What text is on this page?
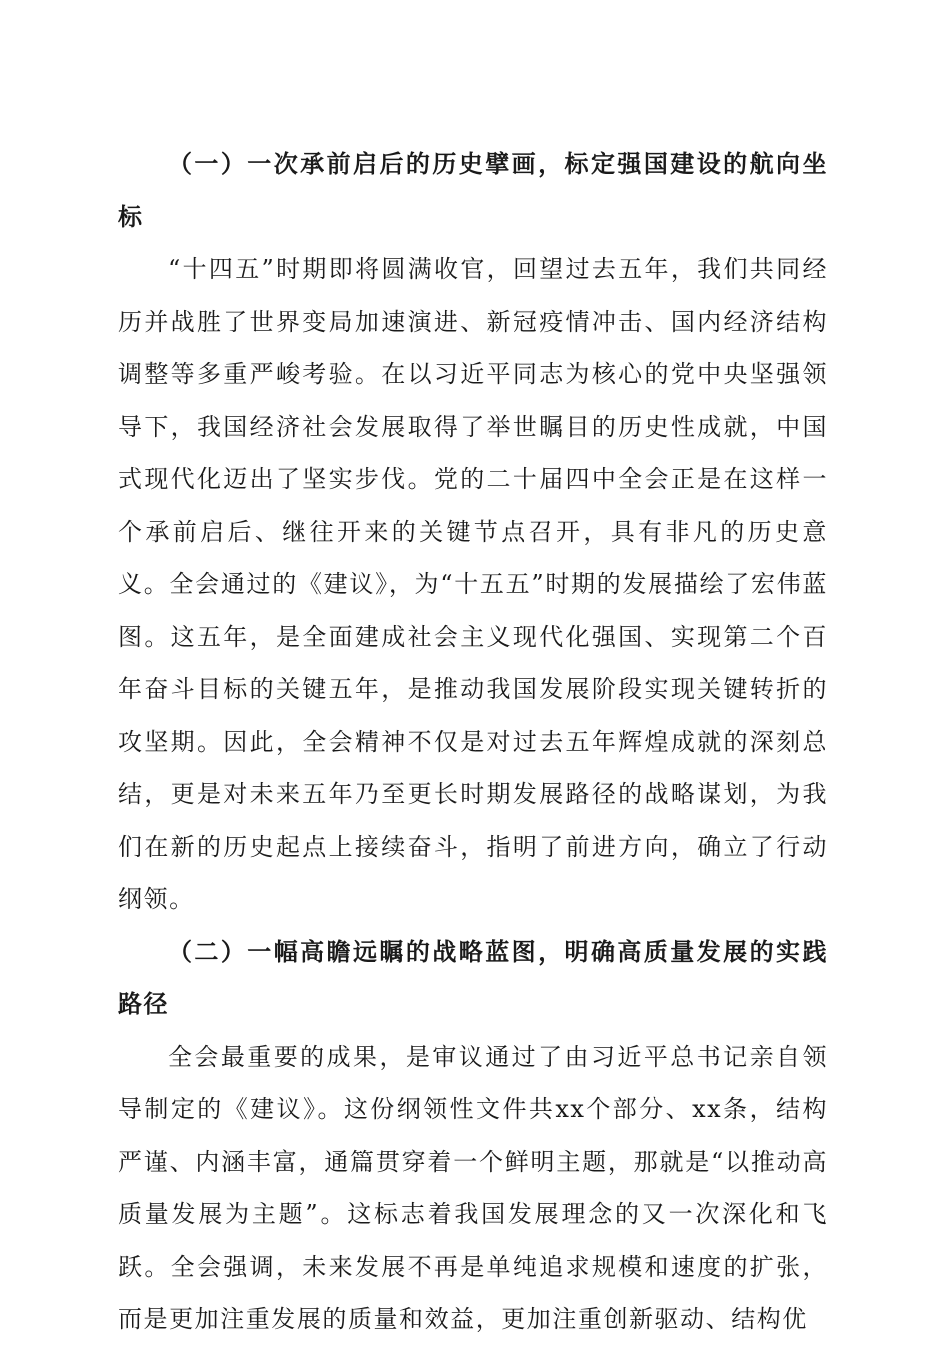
（一）一次承前启后的历史擘画，标定强国建设的航向坐标

“十四五”时期即将圆满收官，回望过去五年，我们共同经历并战胜了世界变局加速演进、新冠疫情冲击、国内经济结构调整等多重严峻考验。在以习近平同志为核心的党中央坚强领导下，我国经济社会发展取得了举世瞩目的历史性成就，中国式现代化迈出了坚实步伐。党的二十届四中全会正是在这样一个承前启后、继往开来的关键节点召开，具有非凡的历史意义。全会通过的《建议》，为“十五五”时期的发展描绘了宏伟蓝图。这五年，是全面建成社会主义现代化强国、实现第二个百年奋斗目标的关键五年，是推动我国发展阶段实现关键转折的攻坚期。因此，全会精神不仅是对过去五年辉煌成就的深刻总结，更是对未来五年乃至更长时期发展路径的战略谋划，为我们在新的历史起点上接续奋斗，指明了前进方向，确立了行动纲领。

（二）一幅高瞻远瞩的战略蓝图，明确高质量发展的实践路径

全会最重要的成果，是审议通过了由习近平总书记亲自领导制定的《建议》。这份纲领性文件共xx个部分、xx条，结构严谨、内涵丰富，通篇贯穿着一个鲜明主题，那就是“以推动高质量发展为主题”。这标志着我国发展理念的又一次深化和飞跃。全会强调，未来发展不再是单纯追求规模和速度的扩张，而是更加注重发展的质量和效益，更加注重创新驱动、结构优
